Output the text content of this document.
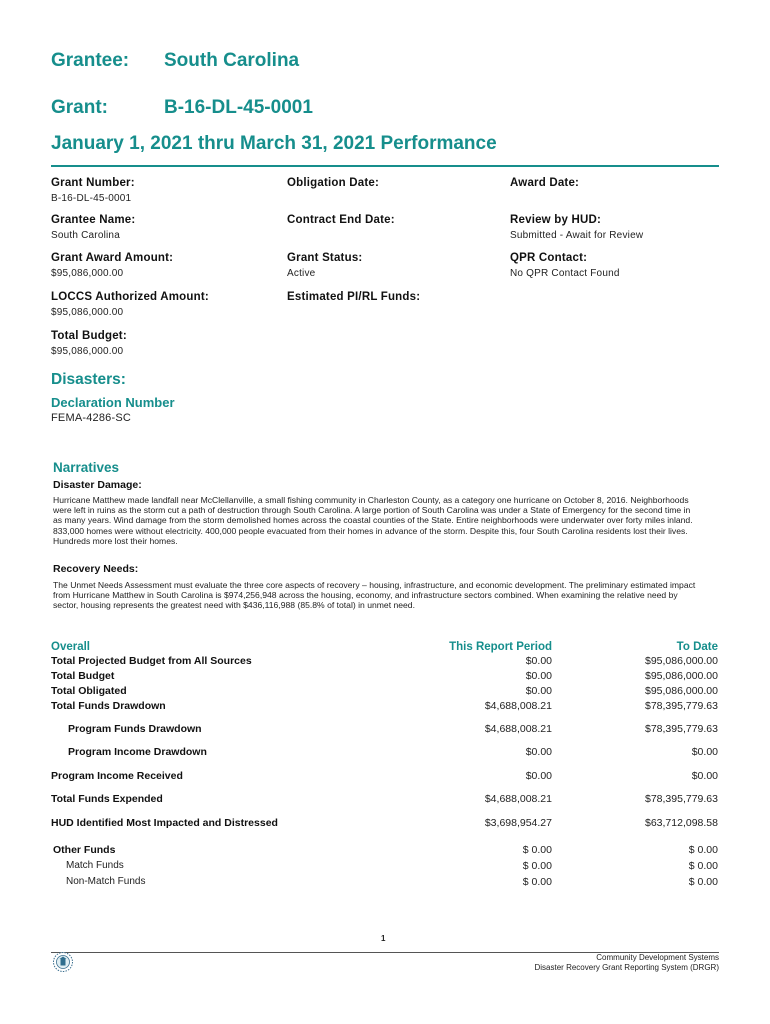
Grantee: South Carolina
Grant:	B-16-DL-45-0001
January 1, 2021 thru March 31, 2021 Performance
Grant Number:
B-16-DL-45-0001
Obligation Date:	Award Date:
Grantee Name:
South Carolina
Contract End Date:	Review by HUD:
Submitted - Await for Review
Grant Award Amount:
$95,086,000.00
Grant Status:
Active
QPR Contact:
No QPR Contact Found
LOCCS Authorized Amount:
$95,086,000.00
Estimated PI/RL Funds:
Total Budget:
$95,086,000.00
Disasters:
Declaration Number
FEMA-4286-SC
Narratives
Disaster Damage:
Hurricane Matthew made landfall near McClellanville, a small fishing community in Charleston County, as a category one hurricane on October 8, 2016. Neighborhoods were left in ruins as the storm cut a path of destruction through South Carolina. A large portion of South Carolina was under a State of Emergency for the second time in as many years. Wind damage from the storm demolished homes across the coastal counties of the State. Entire neighborhoods were underwater over forty miles inland. 833,000 homes were without electricity. 400,000 people evacuated from their homes in advance of the storm. Despite this, four South Carolina residents lost their lives. Hundreds more lost their homes.
Recovery Needs:
The Unmet Needs Assessment must evaluate the three core aspects of recovery – housing, infrastructure, and economic development. The preliminary estimated impact from Hurricane Matthew in South Carolina is $974,256,948 across the housing, economy, and infrastructure sectors combined. When examining the relative need by sector, housing represents the greatest need with $436,116,988 (85.8% of total) in unmet need.
Overall	This Report Period	To Date
Total Projected Budget from All Sources	$0.00	$95,086,000.00
Total Budget	$0.00	$95,086,000.00
Total Obligated	$0.00	$95,086,000.00
Total Funds Drawdown	$4,688,008.21	$78,395,779.63
Program Funds Drawdown	$4,688,008.21	$78,395,779.63
Program Income Drawdown	$0.00	$0.00
Program Income Received	$0.00	$0.00
Total Funds Expended	$4,688,008.21	$78,395,779.63
HUD Identified Most Impacted and Distressed	$3,698,954.27	$63,712,098.58
Other Funds	$ 0.00	$ 0.00
Match Funds	$ 0.00	$ 0.00
Non-Match Funds	$ 0.00	$ 0.00
1
Community Development Systems
Disaster Recovery Grant Reporting System (DRGR)
